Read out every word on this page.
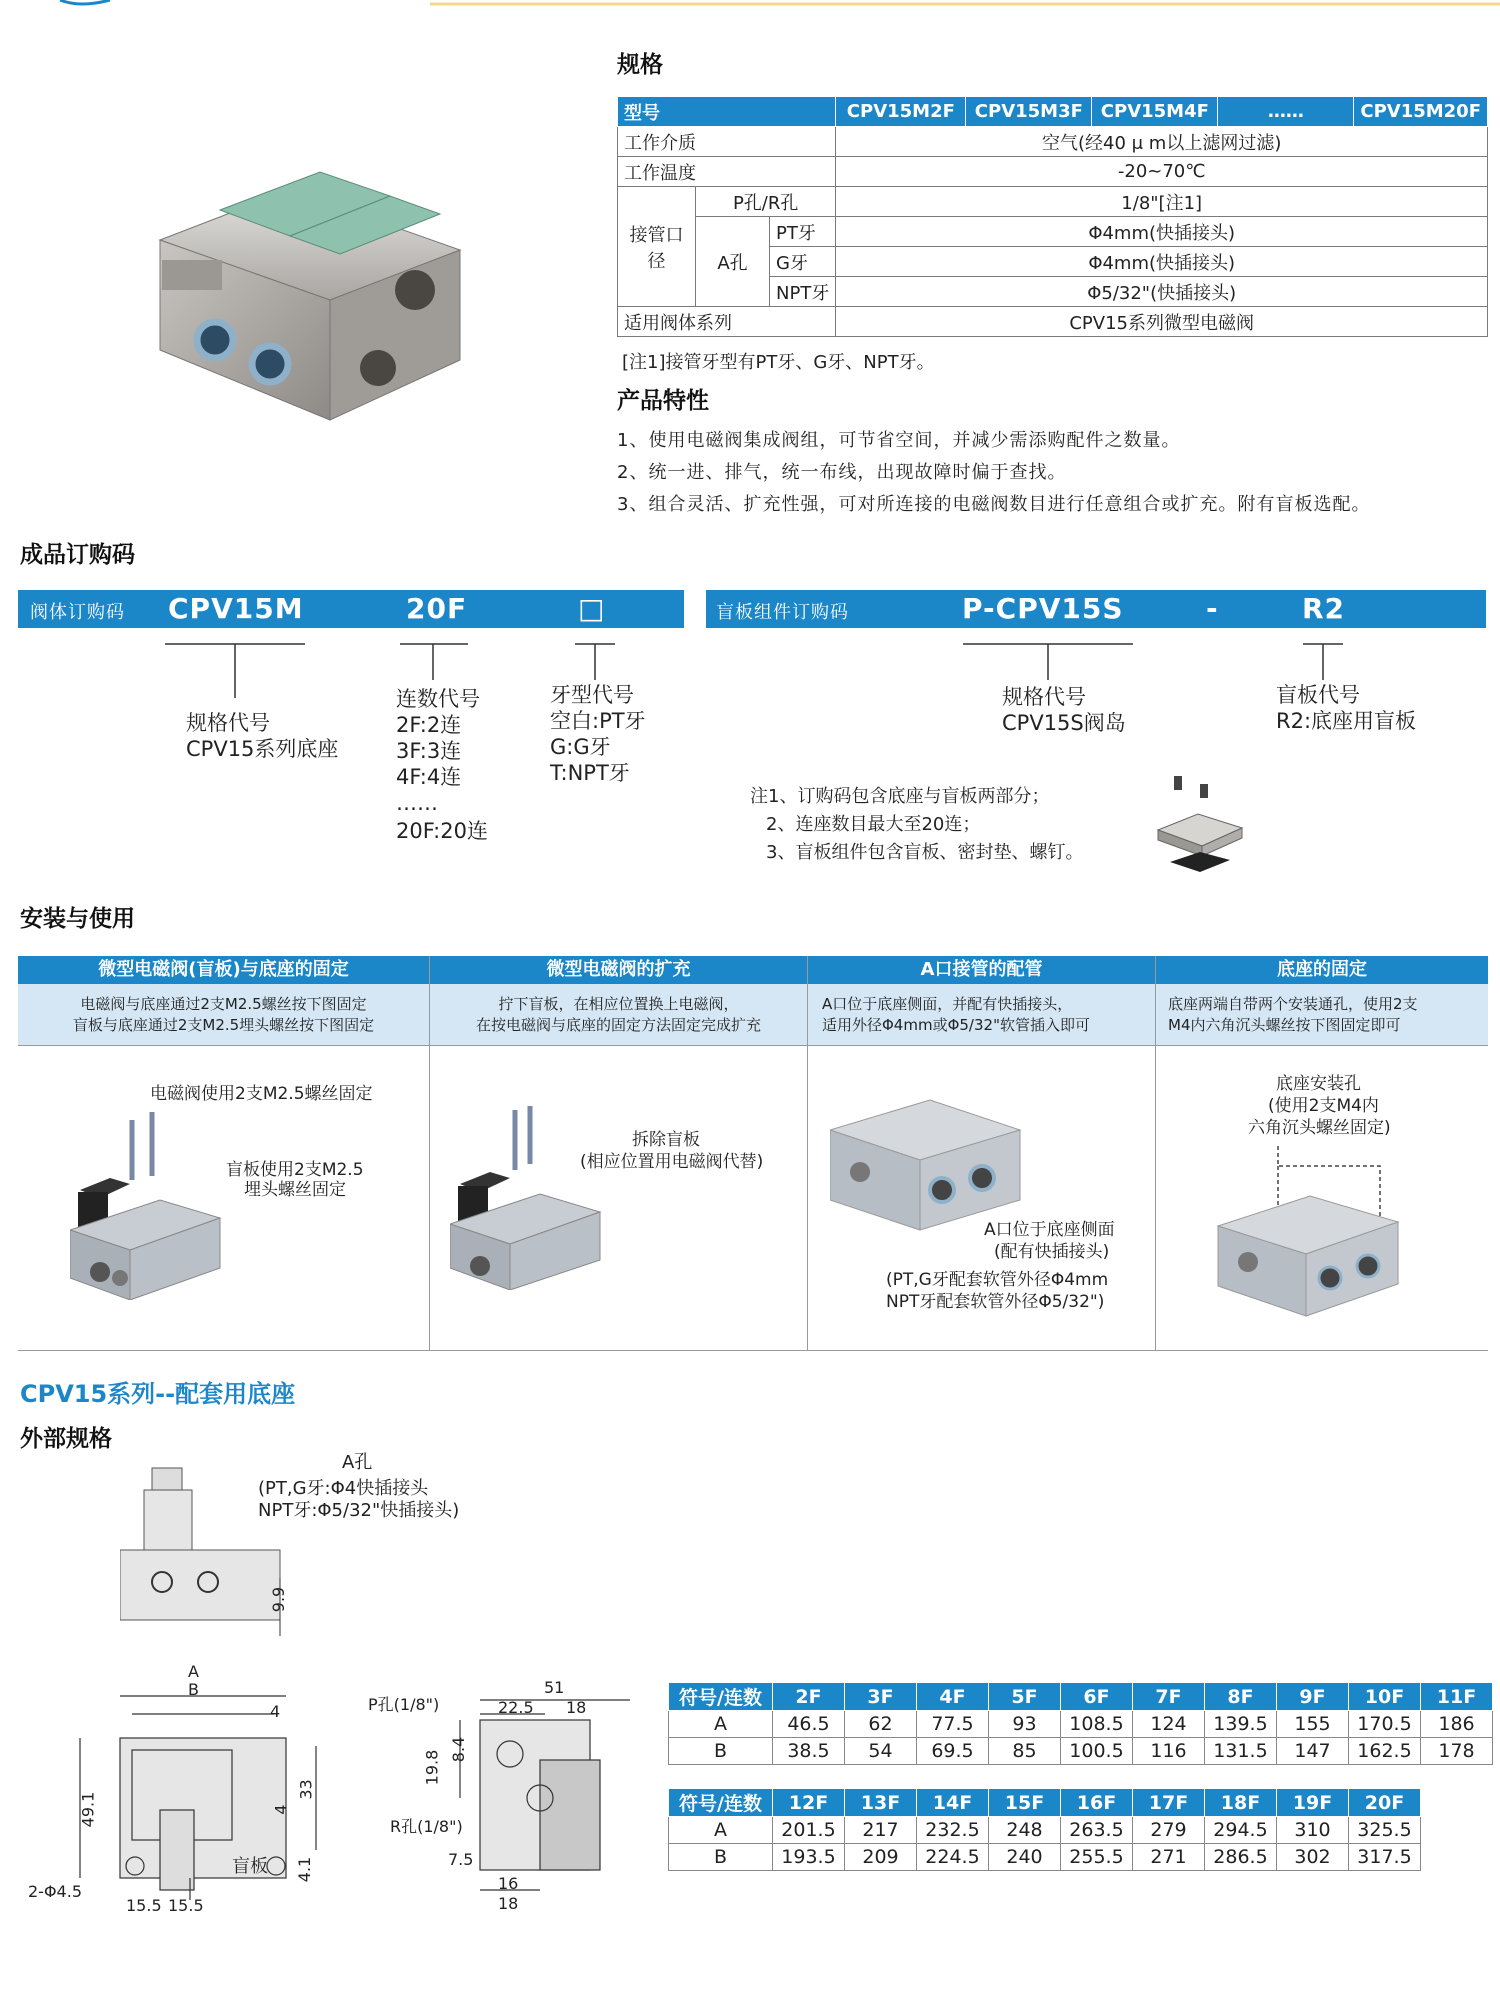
规格
型号			CPV15M2F	CPV15M3F	CPV15M4F	……	CPV15M20F
工作介质			空气(经40 μ m以上滤网过滤)				
工作温度			-20~70℃				
接管口径	P孔/R孔		1/8"[注1]				
	A孔	PT牙	Φ4mm(快插接头)				
		G牙	Φ4mm(快插接头)				
		NPT牙	Φ5/32"(快插接头)				
适用阀体系列			CPV15系列微型电磁阀				
[注1]接管牙型有PT牙、G牙、NPT牙。
产品特性
1、使用电磁阀集成阀组，可节省空间，并减少需添购配件之数量。
2、统一进、排气，统一布线，出现故障时偏于查找。
3、组合灵活、扩充性强，可对所连接的电磁阀数目进行任意组合或扩充。附有盲板选配。
成品订购码
阀体订购码 CPV15M	20F	□	盲板组件订购码	P-CPV15S	-	R2
规格代号
CPV15系列底座
连数代号
2F:2连
3F:3连
4F:4连
……
20F:20连
牙型代号
空白:PT牙
G:G牙
T:NPT牙
规格代号
CPV15S阀岛
盲板代号
R2:底座用盲板
注1、订购码包含底座与盲板两部分；
2、连座数目最大至20连；
3、盲板组件包含盲板、密封垫、螺钉。
安装与使用
微型电磁阀(盲板)与底座的固定
电磁阀与底座通过2支M2.5螺丝按下图固定
盲板与底座通过2支M2.5埋头螺丝按下图固定
微型电磁阀的扩充
拧下盲板，在相应位置换上电磁阀，
在按电磁阀与底座的固定方法固定完成扩充
A口接管的配管
A口位于底座侧面，并配有快插接头，
适用外径Φ4mm或Φ5/32"软管插入即可
底座的固定
底座两端自带两个安装通孔，使用2支
M4内六角沉头螺丝按下图固定即可
电磁阀使用2支M2.5螺丝固定
盲板使用2支M2.5
埋头螺丝固定
拆除盲板
(相应位置用电磁阀代替)
A口位于底座侧面
(配有快插接头)
(PT,G牙配套软管外径Φ4mm
NPT牙配套软管外径Φ5/32")
底座安装孔
(使用2支M4内
六角沉头螺丝固定)
CPV15系列--配套用底座
外部规格
A孔
(PT,G牙:Φ4快插接头
NPT牙:Φ5/32"快插接头)
9.9
A
B
4
49.1
33
4
4.1
2-Φ4.5
15.5 15.5
盲板
P孔(1/8")
R孔(1/8")
51
22.5 18
19.8
8.4
7.5
16
18
符号/连数	2F	3F	4F	5F	6F	7F	8F	9F	10F	11F
A	46.5	62	77.5	93	108.5	124	139.5	155	170.5	186
B	38.5	54	69.5	85	100.5	116	131.5	147	162.5	178
符号/连数	12F	13F	14F	15F	16F	17F	18F	19F	20F
A	201.5	217	232.5	248	263.5	279	294.5	310	325.5
B	193.5	209	224.5	240	255.5	271	286.5	302	317.5
